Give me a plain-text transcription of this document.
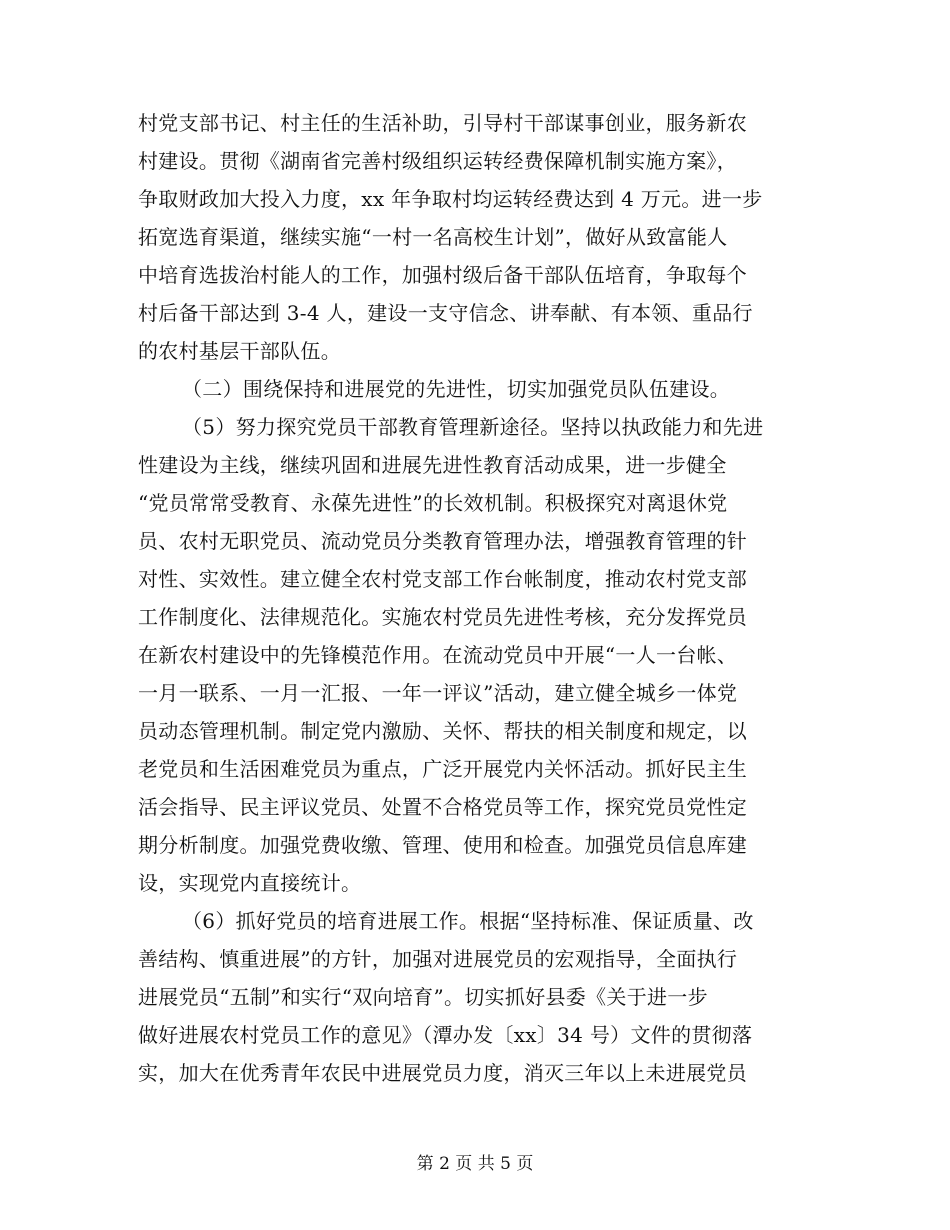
村党支部书记、村主任的生活补助，引导村干部谋事创业，服务新农
村建设。贯彻《湖南省完善村级组织运转经费保障机制实施方案》，
争取财政加大投入力度，xx 年争取村均运转经费达到 4 万元。进一步
拓宽选育渠道，继续实施“一村一名高校生计划”，做好从致富能人
中培育选拔治村能人的工作，加强村级后备干部队伍培育，争取每个
村后备干部达到 3-4 人，建设一支守信念、讲奉献、有本领、重品行
的农村基层干部队伍。
（二）围绕保持和进展党的先进性，切实加强党员队伍建设。
（5）努力探究党员干部教育管理新途径。坚持以执政能力和先进
性建设为主线，继续巩固和进展先进性教育活动成果，进一步健全
“党员常常受教育、永葆先进性”的长效机制。积极探究对离退休党
员、农村无职党员、流动党员分类教育管理办法，增强教育管理的针
对性、实效性。建立健全农村党支部工作台帐制度，推动农村党支部
工作制度化、法律规范化。实施农村党员先进性考核，充分发挥党员
在新农村建设中的先锋模范作用。在流动党员中开展“一人一台帐、
一月一联系、一月一汇报、一年一评议”活动，建立健全城乡一体党
员动态管理机制。制定党内激励、关怀、帮扶的相关制度和规定，以
老党员和生活困难党员为重点，广泛开展党内关怀活动。抓好民主生
活会指导、民主评议党员、处置不合格党员等工作，探究党员党性定
期分析制度。加强党费收缴、管理、使用和检查。加强党员信息库建
设，实现党内直接统计。
（6）抓好党员的培育进展工作。根据“坚持标准、保证质量、改
善结构、慎重进展”的方针，加强对进展党员的宏观指导，全面执行
进展党员“五制”和实行“双向培育”。切实抓好县委《关于进一步
做好进展农村党员工作的意见》（潭办发〔xx〕34 号）文件的贯彻落
实，加大在优秀青年农民中进展党员力度，消灭三年以上未进展党员
第 2 页 共 5 页
